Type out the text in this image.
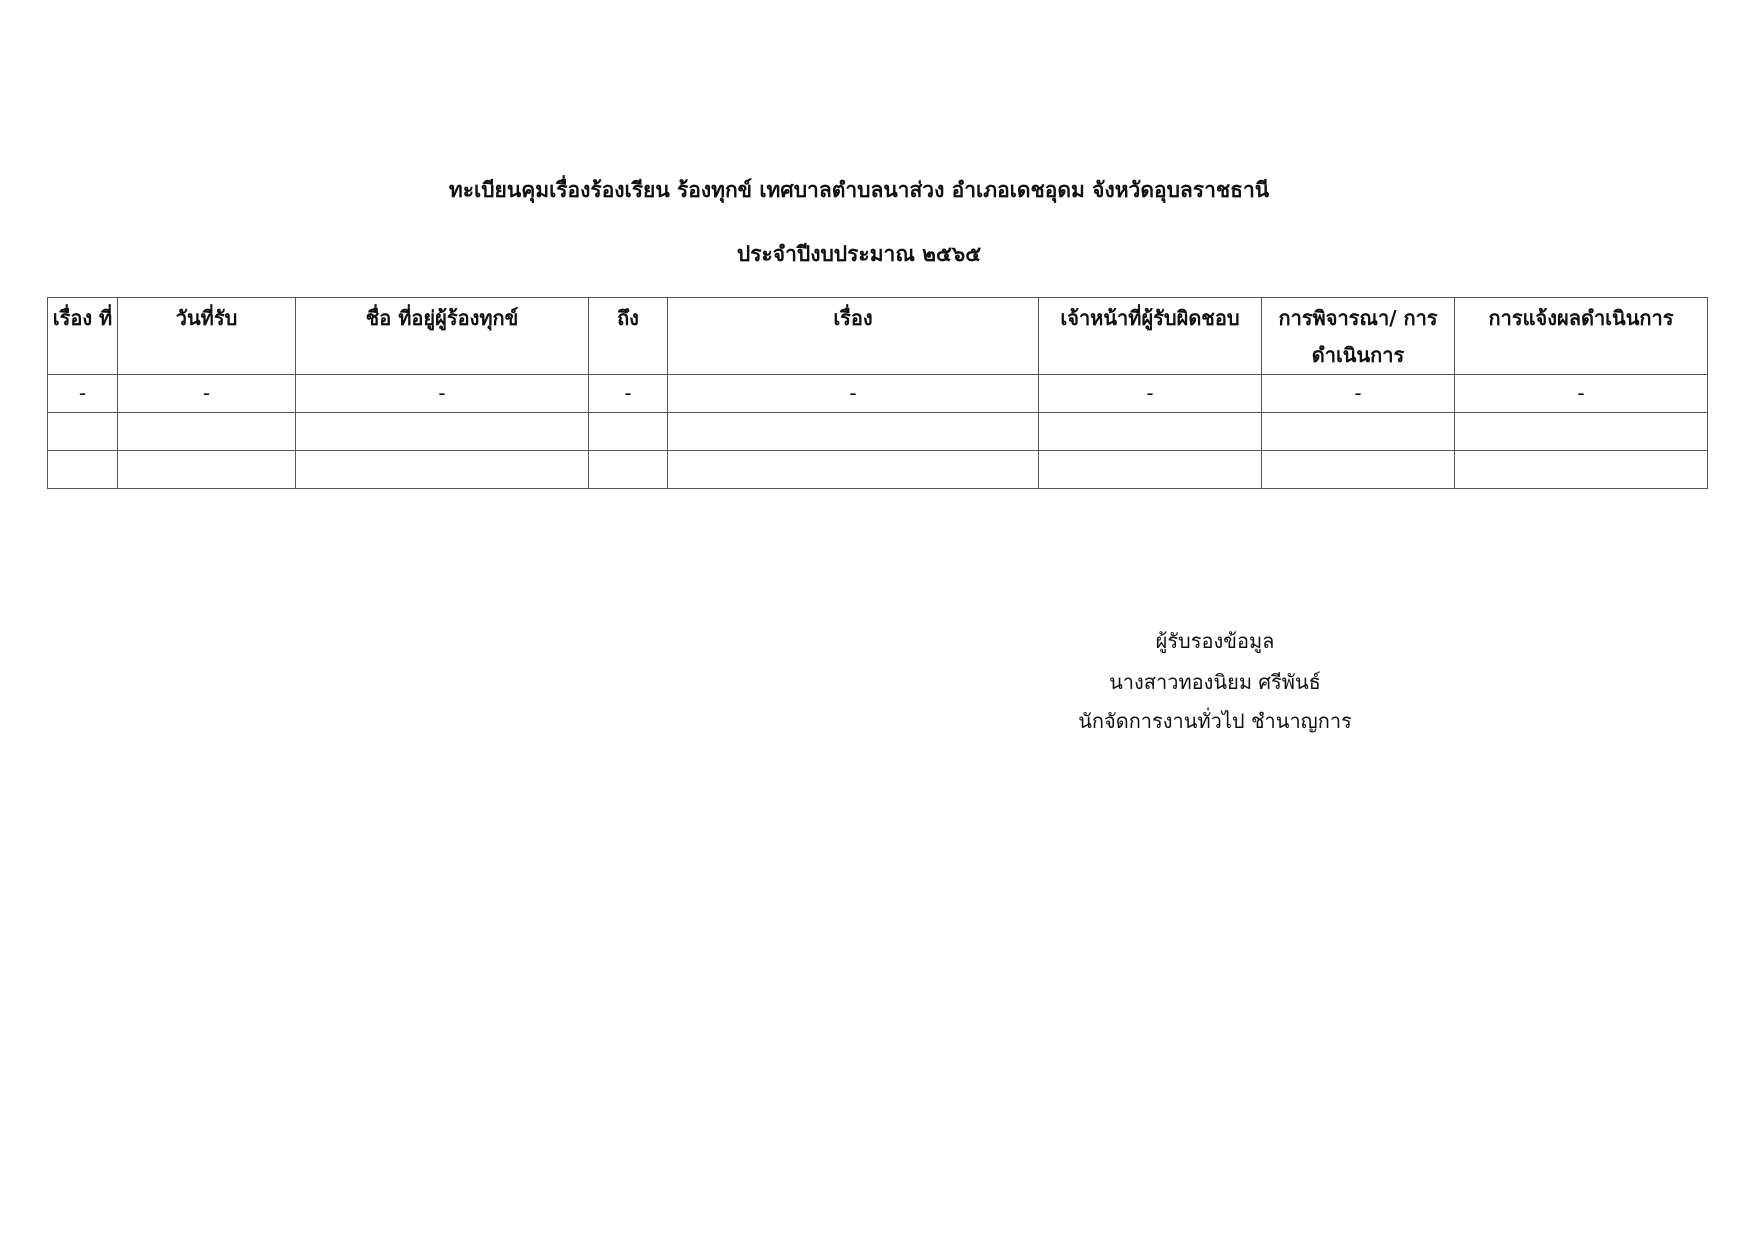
ทะเบียนคุมเรื่องร้องเรียน ร้องทุกข์ เทศบาลตำบลนาส่วง อำเภอเดชอุดม จังหวัดอุบลราชธานี
ประจำปีงบประมาณ ๒๕๖๕
เรื่อง ที่	วันที่รับ	ชื่อ ที่อยู่ผู้ร้องทุกข์	ถึง	เรื่อง	เจ้าหน้าที่ผู้รับผิดชอบ	การพิจารณา/ การดำเนินการ	การแจ้งผลดำเนินการ
-	-	-	-	-	-	-	-

ผู้รับรองข้อมูล
นางสาวทองนิยม ศรีพันธ์
นักจัดการงานทั่วไป ชำนาญการ
